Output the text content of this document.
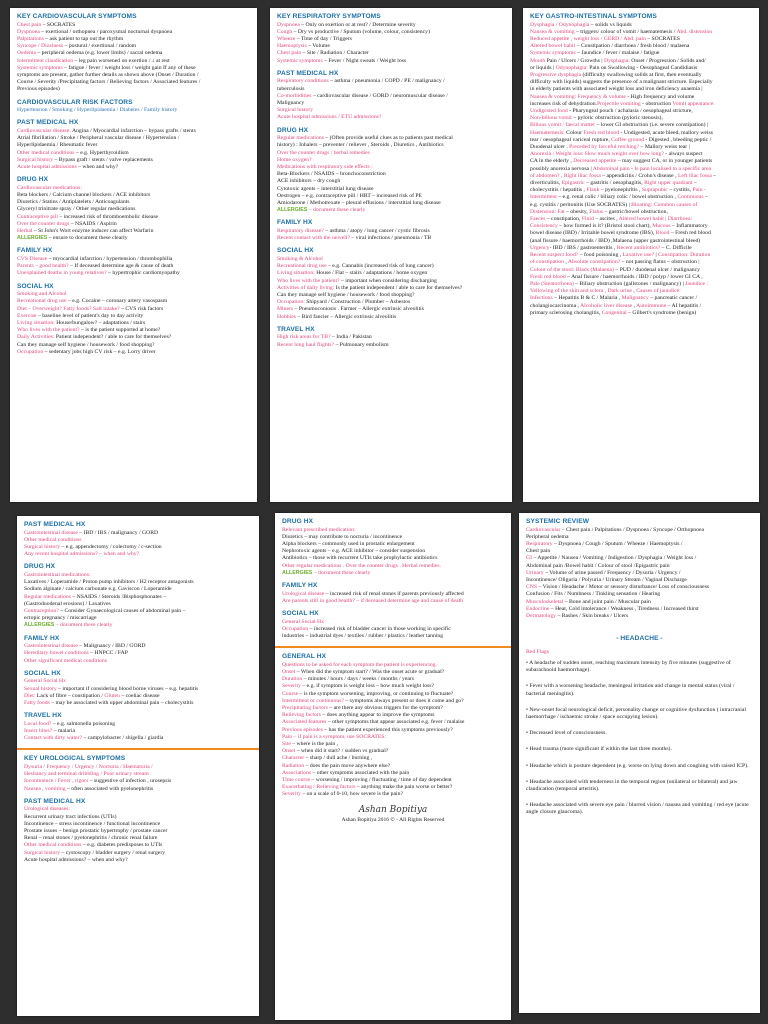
KEY CARDIOVASCULAR SYMPTOMS
Chest pain – SOCRATES
Dyspnoea – exertional / orthopnea / paroxysmal nocturnal dyspnoea
Palpitations – ask patient to tap out the rhythm
Syncope / Dizziness – postural / exertional / random
Oedema – peripheral oedema (e.g. lower limbs) / sacral oedema
Intermittent claudication – leg pain worsened on exertion / ↓ at rest
Systemic symptoms – fatigue / fever / weight loss / weight gain If any of these
symptoms are present, gather further details as shown above (Onset / Duration /
Course / Severity /Precipitating factors / Relieving factors / Associated features /
Previous episodes)
CARDIOVASCULAR RISK FACTORS
Hypertension / Smoking / Hyperlipidaemia / Diabetes / Family history
PAST MEDICAL HX
Cardiovascular disease: Angina / Myocardial infarction – bypass grafts / stents
Atrial fibrillation / Stroke / Peripheral vascular disease / Hypertension /
Hyperlipidaemia / Rheumatic fever
Other medical conditions – e.g. Hyperthyroidism
Surgical history – Bypass graft / stents / valve replacements
Acute hospital admissions – when and why?
DRUG HX
Cardiovascular medications:
Beta blockers / Calcium channel blockers / ACE inhibitors
Diuretics / Statins / Antiplatelets / Anticoagulants
Glyceryl trinitrate spray / Other regular medications
Contraceptive pill – increased risk of thromboembolic disease
Over the counter drugs – NSAIDS / Aspirin
Herbal – St John's Wort enzyme inducer can affect Warfarin
ALLERGIES – ensure to document these clearly
FAMILY HX
CVS Disease – myocardial infarction / hypertension / thrombophilia
Parents – good health? – If deceased determine age & cause of death
Unexplained deaths in young relatives? – hypertrophic cardiomyopathy
SOCIAL HX
Smoking and Alcohol
Recreational drug use – e.g. Cocaine – coronary artery vasospasm
Diet – Overweight? Fatty foods? Salt intake? – CVS risk factors
Exercise – baseline level of patient's day to day activity
Living situation: House/bungalow? – adaptations / stairs
Who lives with the patient? – is the patient supported at home?
Daily Activities: Patient independent? / able to care for themselves?
Can they manage self hygiene / housework / food shopping?
Occupation – sedentary jobs high CV risk – e.g. Lorry driver
KEY RESPIRATORY SYMPTOMS
Dyspnoea – Only on exertion or at rest? / Determine severity
Cough – Dry vs productive / Sputum (volume, colour, consistency)
Wheeze – Time of day / Triggers
Haemoptysis – Volume
Chest pain – Site / Radiation / Character
Systemic symptoms – Fever / Night sweats / Weight loss
PAST MEDICAL HX
Respiratory conditions – asthma / pneumonia / COPD / PE / malignancy /
tuberculosis
Co-morbidities – cardiovascular disease / GORD / neuromuscular disease /
Malignancy
Surgical history
Acute hospital admissions / ETU admissions?
DRUG HX
Regular medications – (Often provide useful clues as to patients past medical
history) : Inhalers – preventer / reliever , Steroids , Diuretics , Antibiotics
Over the counter drugs / herbal remedies
Home oxygen?
Medications with respiratory side effects :
Beta-Blockers / NSAIDS – bronchoconstriction
ACE inhibitors – dry cough
Cytotoxic agents – interstitial lung disease
Oestrogen – e.g. contraceptive pill / HRT – increased risk of PE
Amiodarone / Methotrexate – pleural effusions / interstitial lung disease
ALLERGIES – document these clearly
FAMILY HX
Respiratory disease? – asthma / atopy / lung cancer / cystic fibrosis
Recent contact with the unwell? – viral infections / pneumonia / TB
SOCIAL HX
Smoking & Alcohol
Recreational drug use – e.g. Cannabis (increased risk of lung cancer)
Living situation: House / Flat – stairs / adaptations / home oxygen
Who lives with the patient? – important when considering discharging
Activities of daily living: Is the patient independent / able to care for themselves?
Can they manage self hygiene / housework / food shopping?
Occupation: Shipyard / Construction / Plumber – Asbestos
Miners – Pneumoconiosis . Farmer – Allergic extrinsic alveolitis
Hobbies – Bird fancier – Allergic extrinsic alveolitis
TRAVEL HX
High risk areas for TB? – India / Pakistan
Recent long haul flights? – Pulmonary embolism
KEY GASTRO-INTESTINAL SYMPTOMS
Dysphagia / Odynophagia – solids vs liquids
Nausea & vomiting – triggers/ colour of vomit / haematemesis / Abd. distension
Reduced appetite , weight loss / GERD / Abd. pain – SOCRATES
Altered bowel habit – Constipation / diarrhoea / fresh blood / malaena
Systemic symptoms – Jaundice / fever / malaise / fatigue
Mouth Pain / Ulcers / Growths | Dysphagia: Onset / Progression / Solids and/
or liquids | Odynophagia: Pain on Swallowing - Oesophageal Candidiasis
Progressive dysphagia (difficulty swallowing solids at first, then eventually
difficulty with liquids) suggests the presence of a malignant stricture. Especially
in elderly patients with associated weight loss and iron deficiency anaemia |
Nausea & vomiting: Frequency & volume - High frequency and volume
increases risk of dehydration.Projectile vomiting - obstruction Vomit appearance:
Undigested food - Pharyngeal pouch / achalasia / oesophageal stricture,
Non-bilious vomit – pyloric obstruction (pyloric stenosis),
Bilious vomit / faecal matter – lower GI obstruction (i.e. severe constipation) |
Haematemesis: Colour Fresh red blood - Undigested, acute bleed, mallory weiss
tear / oesophageal variceal rupture, Coffee ground - Digested , bleeding peptic /
Duodenal ulcer . Preceded by forceful retching? – Mallory weiss tear |
Anorexia / Weight loss: How much weight over how long? - always suspect
CA in the elderly , Decreased appetite – may suggest CA, or in younger patients
possibly anorexia nervosa | Abdominal pain - Is pain localised to a specific area
of abdomen? , Right iliac fossa – appendicitis / Crohn's disease , Left iliac fossa –
diverticulitis, Epigastric – gastritis / oesophagitis, Right upper quadrant –
cholecystitis / hepatitis , Flank – pyelonephritis , Suprapubic – cystitis, Pain -
Intermittent – e.g. renal colic / biliary colic / bowel obstruction , Continuous –
e.g. cystitis / peritonitis (Use SOCRATES) | Bloating: Common causes of
Distension: Fat – obesity, Flatus – gastric/bowel obstruction,
Faeces – constipation, Fluid – ascites , Altered bowel habit | Diarrhoea:
Consistency – how formed is it? (Bristol stool chart), Mucous – Inflammatory
bowel disease (IBD) / Irritable bowel syndrome (IBS), Blood – Fresh red blood
(anal fissure / haemorrhoids / IBD) ,Malaena (upper gastrointestinal bleed)
Urgency- IBD / IBS / gastroenteritis , Recent antibiotics? – C. Difficile
Recent suspect food? – food poisoning , Laxative use? | Constipation: Duration
of constipation , Absolute constipation? – not passing flatus – obstruction |
Colour of the stool: Black (Malaena) – PUD / duodenal ulcer / malignancy
Fresh red blood – Anal fissure / haemorrhoids / IBD / polyp / lower GI CA ,
Pale (Steatorrhoea) – Biliary obstruction (gallstones / malignancy) | Jaundice :
Yellowing of the skin and sclera , Dark urine , Causes of jaundice:
Infections – Hepatitis B & C / Malaria , Malignancy – pancreatic cancer /
cholangiocarcinoma , Alcoholic liver disease , Autoimmune – AI hepatitis /
primary sclerosing cholangitis, Congenital – Gilbert's syndrome (benign)
PAST MEDICAL HX
Gastrointestinal disease – IBD / IBS / malignancy / GORD
Other medical conditions
Surgical history – e.g. appendectomy / colectomy / c-section
Any recent hospital admissions? – when and why?
DRUG HX
Gastrointestinal medications:
Laxatives / Loperamide / Proton pump inhibitors / H2 receptor antagonists
Sodium alginate / calcium carbonate e.g. Gaviscon / Loperamide
Regular medications – NSAIDS / Steroids /Bisphosphonates –
(Gastroduodenal erosions) / Laxatives
Contraception? – Consider Gynaecological causes of abdominal pain –
ectopic pregnancy / miscarriage
ALLERGIES – document these clearly
FAMILY HX
Gastrointestinal disease – Malignancy / IBD / GORD
Hereditary bowel conditions – HNPCC / FAP
Other significant medical conditions
SOCIAL HX
General Social Hx
Sexual history – important if considering blood borne viruses – e.g. hepatitis
Diet: Lack of fibre – constipation / Gluten – coeliac disease
Fatty foods – may be associated with upper abdominal pain – cholecystitis
TRAVEL HX
Local food? – e.g. salmonella poisoning
Insect bites? – malaria
Contact with dirty water? – campylobacter / shigella / giardia
KEY UROLOGICAL SYMPTOMS
Dysuria / Frequency / Urgency / Nocturia / Haematuria /
Hesitancy and terminal dribbling / Poor urinary stream
Incontinence / Fever , rigors – suggestive of infection , urosepsis
Nausea , vomiting – often associated with pyelonephritis
PAST MEDICAL HX
Urological diseases:
Recurrent urinary tract infections (UTIs)
Incontinence – stress incontinence / functional incontinence
Prostate issues – benign prostatic hypertrophy / prostate cancer
Renal – renal stones / pyelonephritis / chronic renal failure
Other medical conditions – e.g. diabetes predisposes to UTIs
Surgical history – cystoscopy / bladder surgery / renal surgery
Acute hospital admissions? – when and why?
DRUG HX
Relevant prescribed medication:
Diuretics – may contribute to nocturia / incontinence
Alpha blockers – commonly used in prostatic enlargement
Nephrotoxic agents – e.g. ACE inhibitor – consider suspension
Antibiotics – those with recurrent UTIs take prophylactic antibiotics
Other regular medications . Over the counter drugs . Herbal remedies.
ALLERGIES – document these clearly
FAMILY HX
Urological disease – increased risk of renal stones if parents previously affected
Are parents still in good health? – if deceased determine age and cause of death
SOCIAL HX
General Social Hx
Occupation – increased risk of bladder cancer in those working in specific
industries – industrial dyes / textiles / rubber / plastics / leather tanning
GENERAL HX
Questions to be asked for each symptom the patient is experiencing.
Onset – When did the symptom start? / Was the onset acute or gradual?
Duration – minutes / hours / days / weeks / months / years
Severity – e.g. if symptom is weight loss – how much weight loss?
Course – is the symptom worsening, improving, or continuing to fluctuate?
Intermittent or continuous? – symptoms always present or does it come and go?
Precipitating factors – are there any obvious triggers for the symptom?
Relieving factors – does anything appear to improve the symptoms
Associated features – other symptoms that appear associated e.g. fever / malaise
Previous episodes – has the patient experienced this symptoms previously?
Pain – if pain is a symptom, use SOCRATES:
Site – where is the pain ,
Onset – when did it start? / sudden vs gradual?
Character – sharp / dull ache / burning ,
Radiation – does the pain move anywhere else?
Associations – other symptoms associated with the pain
Time course – worsening / improving / fluctuating / time of day dependent
Exacerbating / Relieving factors – anything make the pain worse or better?
Severity – on a scale of 0-10, how severe is the pain?
Ashan Bopitiya
Ashan Bopitiya 2016 © - All Rights Reserved
SYSTEMIC REVIEW
Cardiovascular – Chest pain / Palpitations / Dyspnoea / Syncope / Orthopnoea
Peripheral oedema
Respiratory – Dyspnoea / Cough / Sputum / Wheeze / Haemoptysis /
Chest pain
GI – Appetite / Nausea / Vomiting / Indigestion / Dysphagia / Weight loss /
Abdominal pain /Bowel habit / Colour of stool /Epigastric pain
Urinary – Volume of urine passed / Frequency / Dysuria / Urgency /
Incontinence/ Oliguria / Polyuria / Urinary Stream / Vaginal Discharge
CNS – Vision / Headache / Motor or sensory disturbance/ Loss of consciousness
Confusion / Fits / Numbness / Tinkling sensation / Hearing
Musculoskeletal – Bone and joint pain / Muscular pain
Endocrine – Heat, Cold intolerance / Weakness , Tiredness / Increased thirst
Dermatology – Rashes / Skin breaks / Ulcers
- HEADACHE -
Red Flags
• A headache of sudden onset, reaching maximum intensity by five minutes (suggestive of subarachnoid haemorrhage).
• Fever with a worsening headache, meningeal irritation and change in mental status (viral / bacterial meningitis).
• New-onset focal neurological deficit, personality change or cognitive dysfunction ( intracranial haemorrhage / ischaemic stroke / space occupying lesion).
• Decreased level of consciousness.
• Head trauma (more significant if within the last three months).
• Headache which is posture dependent (e.g. worse on lying down and coughing with raised ICP).
• Headache associated with tenderness in the temporal region (unilateral or bilateral) and jaw claudication (temporal arteritis).
• Headache associated with severe eye pain / blurred vision / nausea and vomiting / red eye (acute angle closure glaucoma).
